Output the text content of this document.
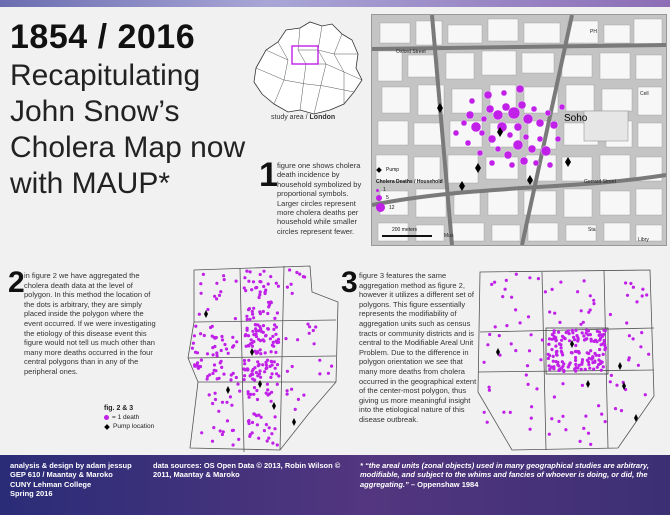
1854 / 2016
Recapitulating John Snow’s Cholera Map now with MAUP*
study area / London	Soho
Oxford Street
Gerrard Street
Mus
Sta
Libry
Cell
PH
Pump
Cholera Deaths / Household
1
5
12
200 meters
1 figure one shows cholera death incidence by household symbolized by proportional symbols. Larger circles represent more cholera deaths per household while smaller circles represent fewer.
2 in figure 2 we have aggregated the cholera death data at the level of polygon. In this method the location of the dots is arbitrary, they are simply placed inside the polygon where the event occurred. If we were investigating the etiology of this disease event this figure would not tell us much other than many more deaths occurred in the four central polygons than in any of the peripheral ones.
3 figure 3 features the same aggregation method as figure 2, however it utilizes a different set of polygons. This figure essentially represents the modifiability of aggregation units such as census tracts or community districts and is central to the Modifiable Areal Unit Problem. Due to the difference in polygon orientation we see that many more deaths from cholera occurred in the geographical extent of the center-most polygon, thus giving us more meaningful insight into the etiological nature of this disease outbreak.
fig. 2 & 3
= 1 death
Pump location
analysis & design by adam jessup
GEP 610 / Maantay & Maroko
CUNY Lehman College
Spring 2016
data sources: OS Open Data © 2013, Robin Wilson © 2011, Maantay & Maroko
* “the areal units (zonal objects) used in many geographical studies are arbitrary, modifiable, and subject to the whims and fancies of whoever is doing, or did, the aggregating.” – Oppenshaw 1984
